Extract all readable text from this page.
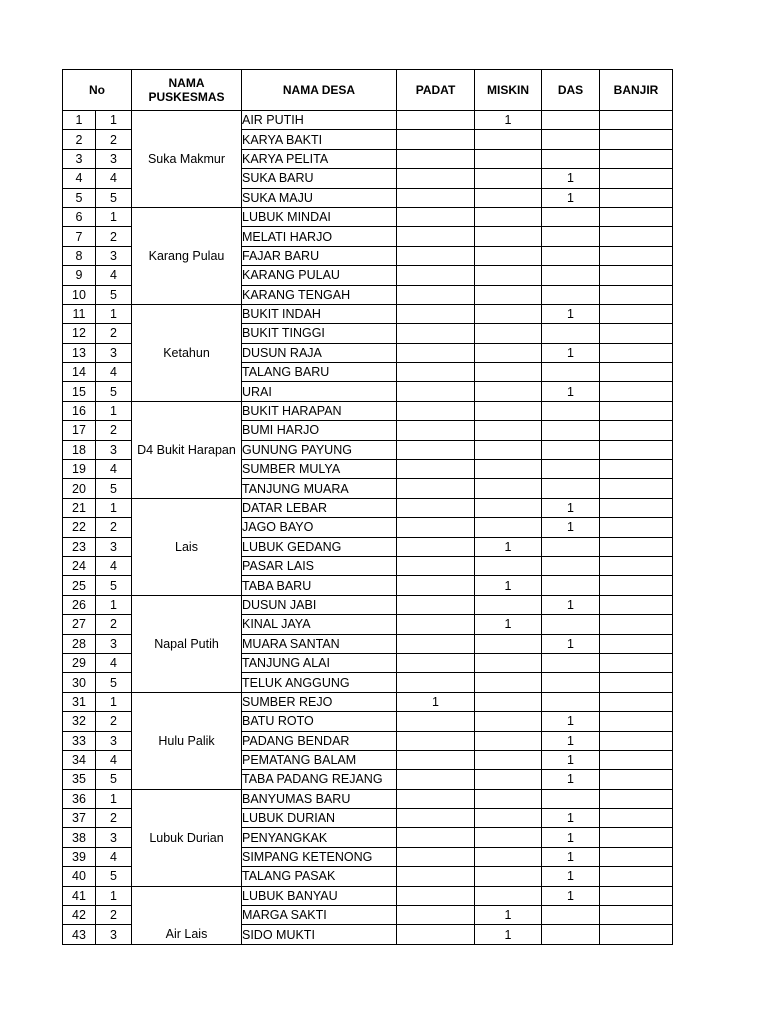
No		NAMA
PUSKESMAS	NAMA DESA	PADAT	MISKIN	DAS	BANJIR
1	1	Suka Makmur	AIR PUTIH		1		
2	2		KARYA BAKTI				
3	3		KARYA PELITA				
4	4		SUKA BARU			1	
5	5		SUKA MAJU			1	
6	1	Karang Pulau	LUBUK MINDAI				
7	2		MELATI HARJO				
8	3		FAJAR BARU				
9	4		KARANG PULAU				
10	5		KARANG TENGAH				
11	1	Ketahun	BUKIT INDAH			1	
12	2		BUKIT TINGGI				
13	3		DUSUN RAJA			1	
14	4		TALANG BARU				
15	5		URAI			1	
16	1	D4 Bukit Harapan	BUKIT HARAPAN				
17	2		BUMI HARJO				
18	3		GUNUNG PAYUNG				
19	4		SUMBER MULYA				
20	5		TANJUNG MUARA				
21	1	Lais	DATAR LEBAR			1	
22	2		JAGO BAYO			1	
23	3		LUBUK GEDANG		1		
24	4		PASAR LAIS				
25	5		TABA BARU		1		
26	1	Napal Putih	DUSUN JABI			1	
27	2		KINAL JAYA		1		
28	3		MUARA SANTAN			1	
29	4		TANJUNG ALAI				
30	5		TELUK ANGGUNG				
31	1	Hulu Palik	SUMBER REJO	1			
32	2		BATU ROTO			1	
33	3		PADANG BENDAR			1	
34	4		PEMATANG BALAM			1	
35	5		TABA PADANG REJANG			1	
36	1	Lubuk Durian	BANYUMAS BARU				
37	2		LUBUK DURIAN			1	
38	3		PENYANGKAK			1	
39	4		SIMPANG KETENONG			1	
40	5		TALANG PASAK			1	
41	1	Air Lais	LUBUK BANYAU			1	
42	2		MARGA SAKTI		1		
43	3		SIDO MUKTI		1		
